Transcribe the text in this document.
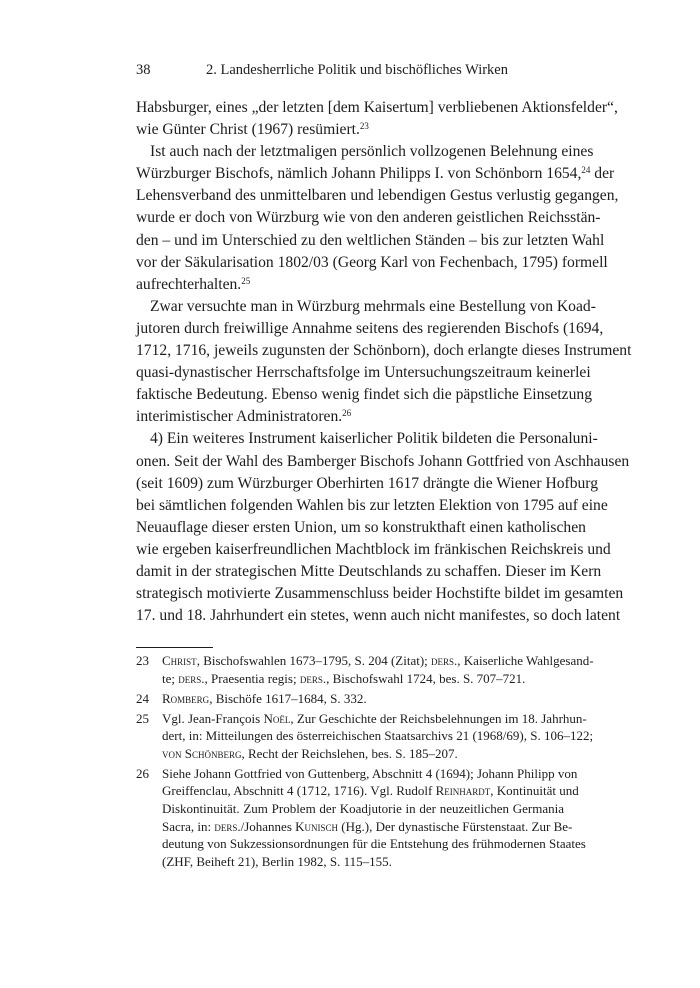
38	2. Landesherrliche Politik und bischöfliches Wirken
Habsburger, eines „der letzten [dem Kaisertum] verbliebenen Aktionsfelder“,
wie Günter Christ (1967) resümiert.$^{23}$
Ist auch nach der letztmaligen persönlich vollzogenen Belehnung eines
Würzburger Bischofs, nämlich Johann Philipps I. von Schönborn 1654,24 der
Lehensverband des unmittelbaren und lebendigen Gestus verlustig gegangen,
wurde er doch von Würzburg wie von den anderen geistlichen Reichsstän-
den – und im Unterschied zu den weltlichen Ständen – bis zur letzten Wahl
vor der Säkularisation 1802/03 (Georg Karl von Fechenbach, 1795) formell
aufrechterhalten.$^{25}$
Zwar versuchte man in Würzburg mehrmals eine Bestellung von Koad-
jutoren durch freiwillige Annahme seitens des regierenden Bischofs (1694,
1712, 1716, jeweils zugunsten der Schönborn), doch erlangte dieses Instrument
quasi-dynastischer Herrschaftsfolge im Untersuchungszeitraum keinerlei
faktische Bedeutung. Ebenso wenig findet sich die päpstliche Einsetzung
interimistischer Administratoren.$^{26}$
4) Ein weiteres Instrument kaiserlicher Politik bildeten die Personaluni-
onen. Seit der Wahl des Bamberger Bischofs Johann Gottfried von Aschhausen
(seit 1609) zum Würzburger Oberhirten 1617 drängte die Wiener Hofburg
bei sämtlichen folgenden Wahlen bis zur letzten Elektion von 1795 auf eine
Neuauflage dieser ersten Union, um so konstrukthaft einen katholischen
wie ergeben kaiserfreundlichen Machtblock im fränkischen Reichskreis und
damit in der strategischen Mitte Deutschlands zu schaffen. Dieser im Kern
strategisch motivierte Zusammenschluss beider Hochstifte bildet im gesamten
17. und 18. Jahrhundert ein stetes, wenn auch nicht manifestes, so doch latent
23	Christ, Bischofswahlen 1673–1795, S. 204 (Zitat); ders., Kaiserliche Wahlgesand-
te; ders., Praesentia regis; ders., Bischofswahl 1724, bes. S. 707–721.
24	Romberg, Bischöfe 1617–1684, S. 332.
25	Vgl. Jean-François Noël, Zur Geschichte der Reichsbelehnungen im 18. Jahrhun-
dert, in: Mitteilungen des österreichischen Staatsarchivs 21 (1968/69), S. 106–122;
von Schönberg, Recht der Reichslehen, bes. S. 185–207.
26	Siehe Johann Gottfried von Guttenberg, Abschnitt 4 (1694); Johann Philipp von
Greiffenclau, Abschnitt 4 (1712, 1716). Vgl. Rudolf Reinhardt, Kontinuität und
Diskontinuität. Zum Problem der Koadjutorie in der neuzeitlichen Germania
Sacra, in: ders./Johannes Kunisch (Hg.), Der dynastische Fürstenstaat. Zur Be-
deutung von Sukzessionsordnungen für die Entstehung des frühmodernen Staates
(ZHF, Beiheft 21), Berlin 1982, S. 115–155.
